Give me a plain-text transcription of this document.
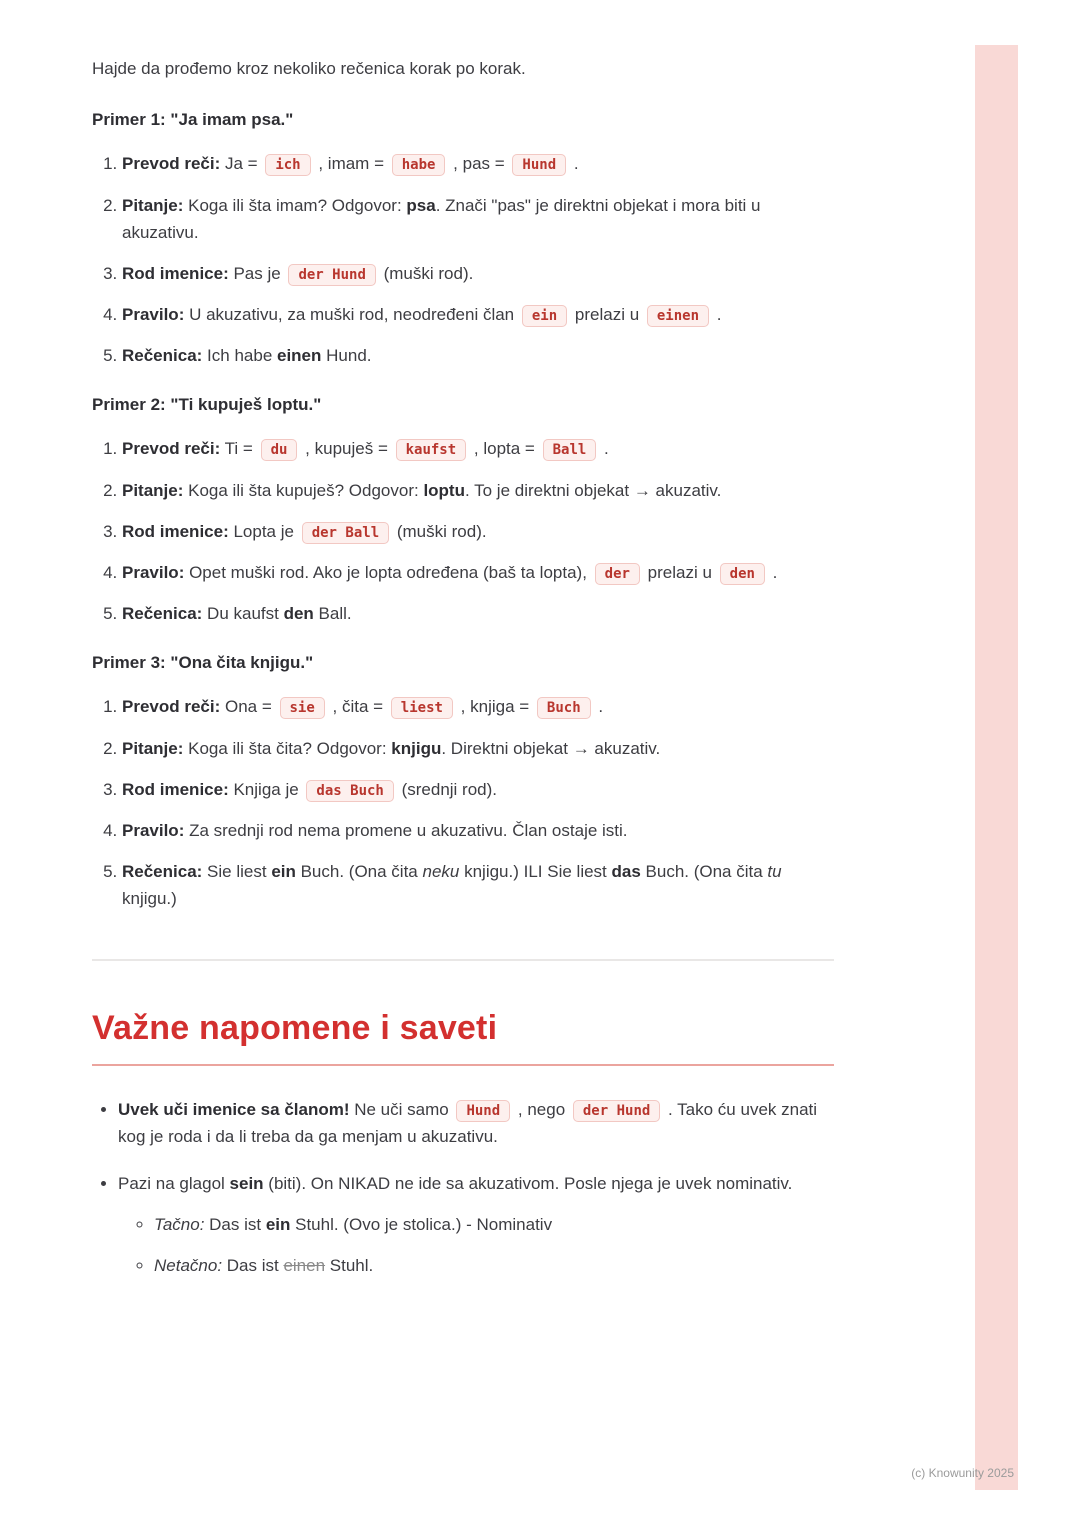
Hajde da prođemo kroz nekoliko rečenica korak po korak.

Primer 1: "Ja imam psa."
1. Prevod reči: Ja = ich , imam = habe , pas = Hund .
2. Pitanje: Koga ili šta imam? Odgovor: psa. Znači "pas" je direktni objekat i mora biti u akuzativu.
3. Rod imenice: Pas je der Hund (muški rod).
4. Pravilo: U akuzativu, za muški rod, neodređeni član ein prelazi u einen .
5. Rečenica: Ich habe einen Hund.
Primer 2: "Ti kupuješ loptu."
1. Prevod reči: Ti = du , kupuješ = kaufst , lopta = Ball .
2. Pitanje: Koga ili šta kupuješ? Odgovor: loptu. To je direktni objekat → akuzativ.
3. Rod imenice: Lopta je der Ball (muški rod).
4. Pravilo: Opet muški rod. Ako je lopta određena (baš ta lopta), der prelazi u den .
5. Rečenica: Du kaufst den Ball.
Primer 3: "Ona čita knjigu."
1. Prevod reči: Ona = sie , čita = liest , knjiga = Buch .
2. Pitanje: Koga ili šta čita? Odgovor: knjigu. Direktni objekat → akuzativ.
3. Rod imenice: Knjiga je das Buch (srednji rod).
4. Pravilo: Za srednji rod nema promene u akuzativu. Član ostaje isti.
5. Rečenica: Sie liest ein Buch. (Ona čita neku knjigu.) ILI Sie liest das Buch. (Ona čita tu knjigu.)
Važne napomene i saveti
• Uvek uči imenice sa članom! Ne uči samo Hund , nego der Hund . Tako ću uvek znati kog je roda i da li treba da ga menjam u akuzativu.
• Pazi na glagol sein (biti). On NIKAD ne ide sa akuzativom. Posle njega je uvek nominativ.
◦ Tačno: Das ist ein Stuhl. (Ovo je stolica.) - Nominativ
◦ Netačno: Das ist einen Stuhl.
(c) Knowunity 2025
